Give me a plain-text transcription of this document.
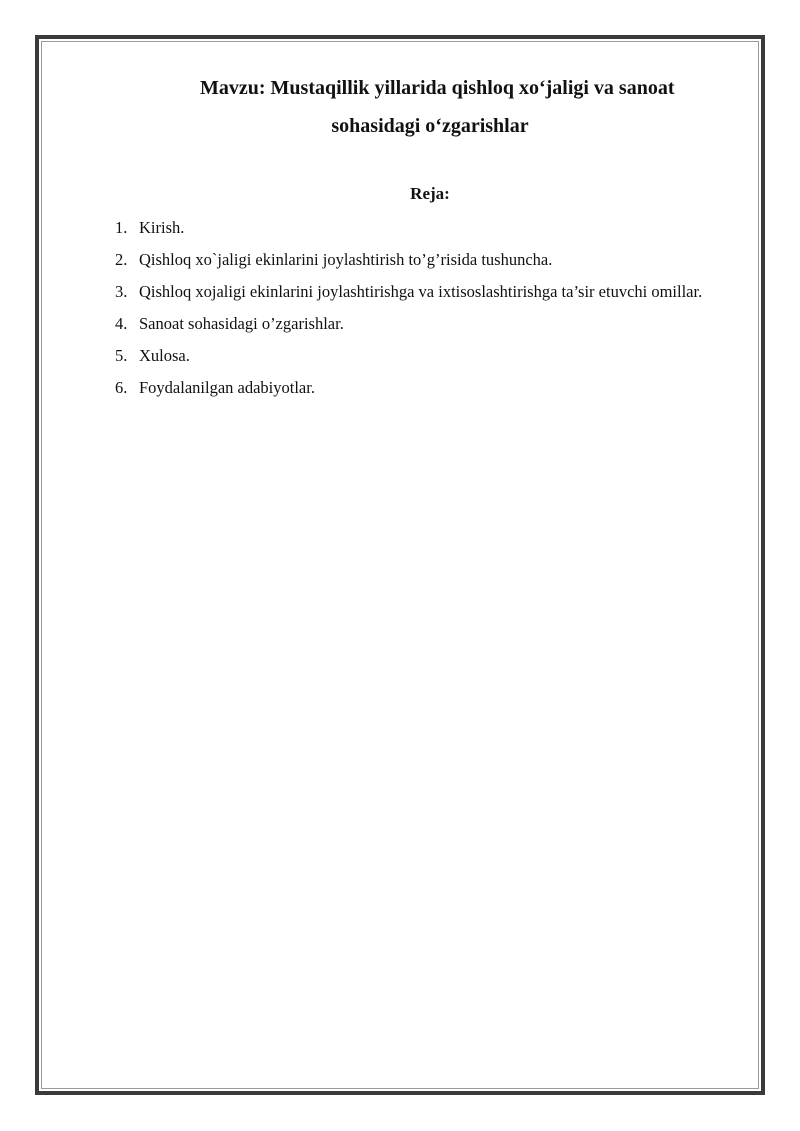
Mavzu: Mustaqillik yillarida qishloq xo‘jaligi va sanoat
sohasidagi o‘zgarishlar

Reja:

1. Kirish.
2. Qishloq xo`jaligi ekinlarini joylashtirish to’g’risida tushuncha.
3. Qishloq xojaligi ekinlarini joylashtirishga va ixtisoslashtirishga ta’sir etuvchi omillar.
4. Sanoat sohasidagi o’zgarishlar.
5. Xulosa.
6. Foydalanilgan adabiyotlar.
